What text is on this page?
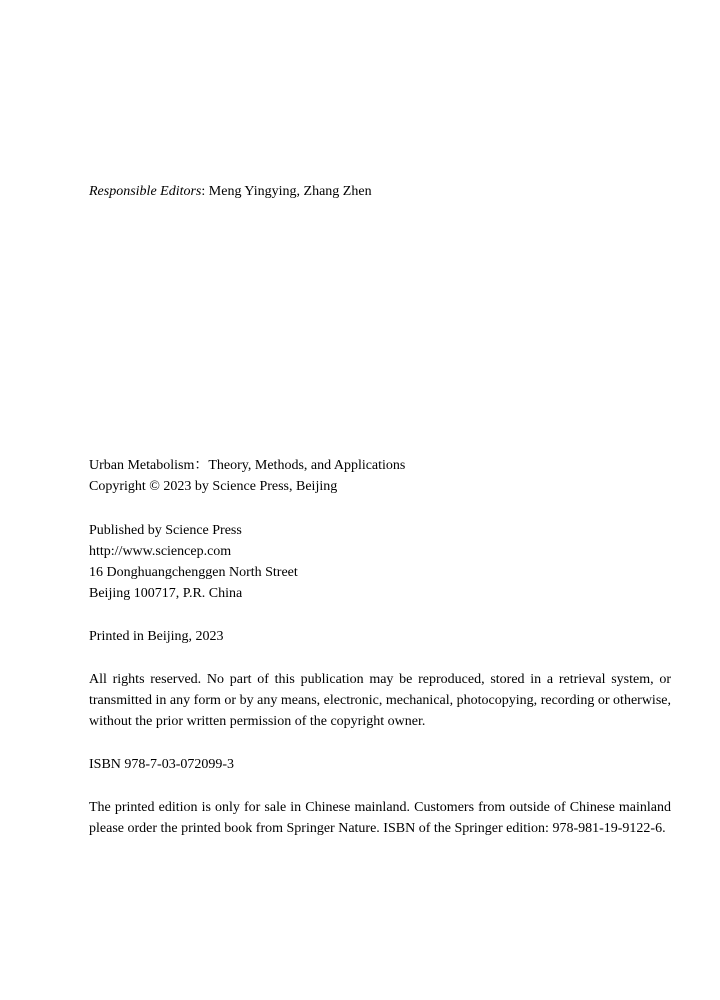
Responsible Editors: Meng Yingying, Zhang Zhen

Urban Metabolism：Theory, Methods, and Applications

Copyright © 2023 by Science Press, Beijing

Published by Science Press

http://www.sciencep.com

16 Donghuangchenggen North Street

Beijing 100717, P.R. China

Printed in Beijing, 2023

All rights reserved. No part of this publication may be reproduced, stored in a retrieval system, or transmitted in any form or by any means, electronic, mechanical, photocopying, recording or otherwise, without the prior written permission of the copyright owner.

ISBN 978-7-03-072099-3

The printed edition is only for sale in Chinese mainland. Customers from outside of Chinese mainland please order the printed book from Springer Nature. ISBN of the Springer edition: 978-981-19-9122-6.
